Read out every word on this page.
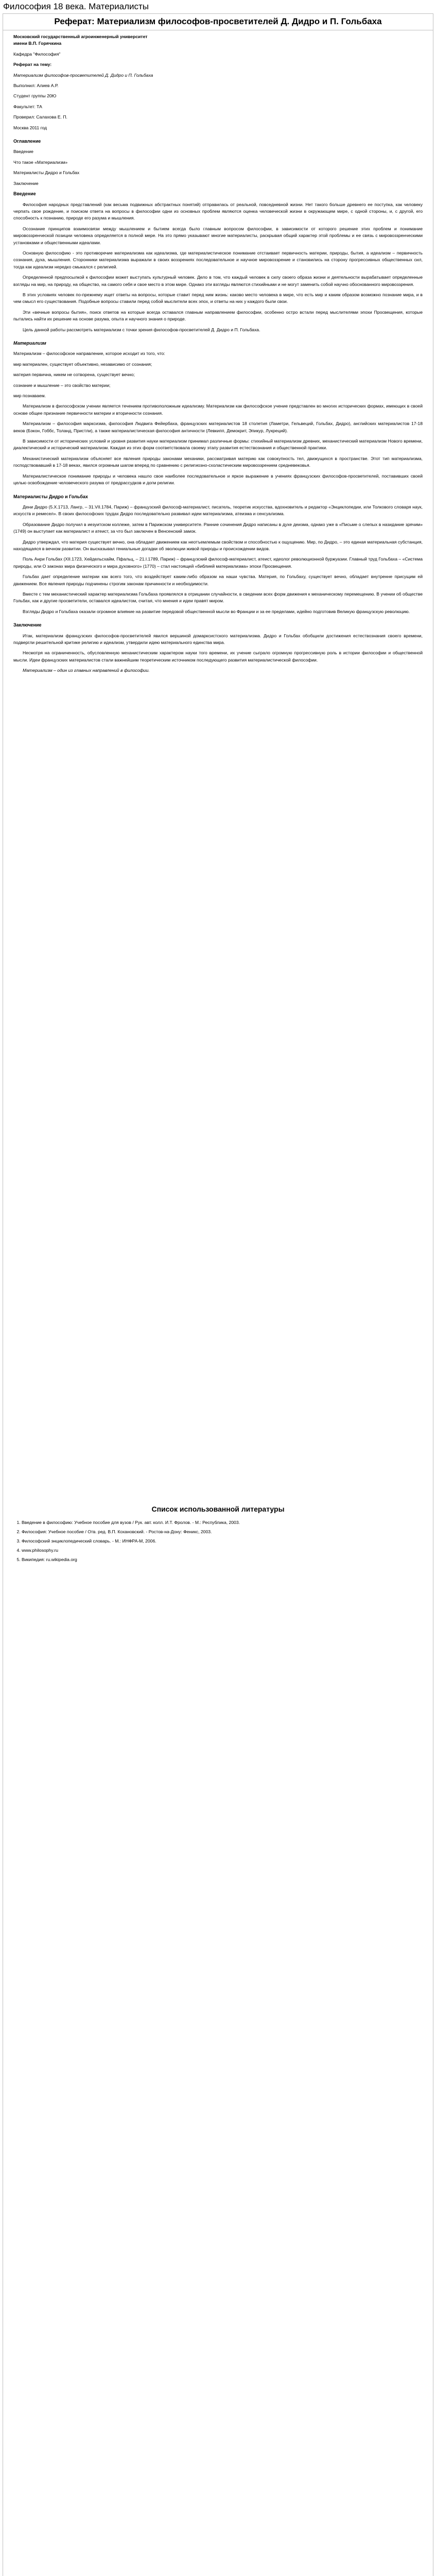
Философия 18 века. Материалисты
Реферат: Материализм философов-просветителей Д. Дидро и П. Гольбаха

Московский государственный агроинженерный университет

имени В.П. Горячкина

Кафедра "Философия"

Реферат на тему:

Материализм философов-просветителей Д. Дидро и П. Гольбаха

Выполнил: Алиев А.Р.

Студент группы 20Ю

Факультет: ТА

Проверил: Салахова Е. П.

Москва 2011 год

Оглавление

Введение

Что такое «Материализм»

Материалисты Дидро и Гольбах

Заключение

Введение

Философия народных представлений (как весьма подвижных абстрактных понятий) отправилась от реальной, повседневной жизни. Нет такого больше древнего ее поступка, как человеку черпать свое рождение, и поиском ответа на вопросы в философии одни из основных проблем являются оценка человеческой жизни в окружающем мире, с одной стороны, и, с другой, его способность к познанию, природе его разума и мышления.

Осознание принципов взаимосвязи между мышлением и бытием всегда было главным вопросом философии, в зависимости от которого решение этих проблем и понимание мировоззренческой позиции человека определяется в полной мере. На это прямо указывают многие материалисты, раскрывая общий характер этой проблемы и ее связь с мировоззренческими установками и общественными идеалами.

Основную философию - это противоречие материализма как идеализма, где материалистическое понимание отстаивает первичность материи, природы, бытия, а идеализм – первичность сознания, духа, мышления. Сторонники материализма выражали в своих воззрениях последовательное и научное мировоззрение и становились на сторону прогрессивных общественных сил, тогда как идеализм нередко смыкался с религией.

Определенной предпосылкой к философии может выступать культурный человек. Дело в том, что каждый человек в силу своего образа жизни и деятельности вырабатывает определенные взгляды на мир, на природу, на общество, на самого себя и свое место в этом мире. Однако эти взгляды являются стихийными и не могут заменить собой научно обоснованного мировоззрения.

В этих условиях человек по-прежнему ищет ответы на вопросы, которые ставит перед ним жизнь: каково место человека в мире, что есть мир и каким образом возможно познание мира, и в чем смысл его существования. Подобные вопросы ставили перед собой мыслители всех эпох, и ответы на них у каждого были свои.

Эти «вечные вопросы бытия», поиск ответов на которые всегда оставался главным направлением философии, особенно остро встали перед мыслителями эпохи Просвещения, которые пытались найти их решение на основе разума, опыта и научного знания о природе.

Цель данной работы рассмотреть материализм с точки зрения философов-просветителей Д. Дидро и П. Гольбаха.

Материализм

Материализм – философское направление, которое исходит из того, что:

мир материален, существует объективно, независимо от сознания;

материя первична, никем не сотворена, существует вечно;

сознание и мышление – это свойство материи;

мир познаваем.

Материализм в философском учении является течением противоположным идеализму. Материализм как философское учение представлен во многих исторических формах, имеющих в своей основе общее признание первичности материи и вторичности сознания.

Материализм – философия марксизма, философия Людвига Фейербаха, французских материалистов 18 столетия (Ламетри, Гельвеций, Гольбах, Дидро), английских материалистов 17-18 веков (Бэкон, Гоббс, Толанд, Пристли), а также материалистическая философия античности (Левкипп, Демокрит, Эпикур, Лукреций).

В зависимости от исторических условий и уровня развития науки материализм принимал различные формы: стихийный материализм древних, механистический материализм Нового времени, диалектический и исторический материализм. Каждая из этих форм соответствовала своему этапу развития естествознания и общественной практики.

Механистический материализм объясняет все явления природы законами механики, рассматривая материю как совокупность тел, движущихся в пространстве. Этот тип материализма, господствовавший в 17-18 веках, явился огромным шагом вперед по сравнению с религиозно-схоластическим мировоззрением средневековья.

Материалистическое понимание природы и человека нашло свое наиболее последовательное и яркое выражение в учениях французских философов-просветителей, поставивших своей целью освобождение человеческого разума от предрассудков и догм религии.

Материалисты Дидро и Гольбах

Дени Дидро (5.X.1713, Лангр, – 31.VII.1784, Париж) – французский философ-материалист, писатель, теоретик искусства, вдохновитель и редактор «Энциклопедии, или Толкового словаря наук, искусств и ремесел». В своих философских трудах Дидро последовательно развивал идеи материализма, атеизма и сенсуализма.

Образование Дидро получил в иезуитском коллеже, затем в Парижском университете. Ранние сочинения Дидро написаны в духе деизма, однако уже в «Письме о слепых в назидание зрячим» (1749) он выступает как материалист и атеист, за что был заключен в Венсенский замок.

Дидро утверждал, что материя существует вечно, она обладает движением как неотъемлемым свойством и способностью к ощущению. Мир, по Дидро, – это единая материальная субстанция, находящаяся в вечном развитии. Он высказывал гениальные догадки об эволюции живой природы и происхождении видов.

Поль Анри Гольбах (XII.1723, Хейдельсхайм, Пфальц, – 21.I.1789, Париж) – французский философ-материалист, атеист, идеолог революционной буржуазии. Главный труд Гольбаха – «Система природы, или О законах мира физического и мира духовного» (1770) – стал настоящей «библией материализма» эпохи Просвещения.

Гольбах дает определение материи как всего того, что воздействует каким-либо образом на наши чувства. Материя, по Гольбаху, существует вечно, обладает внутренне присущим ей движением. Все явления природы подчинены строгим законам причинности и необходимости.

Вместе с тем механистический характер материализма Гольбаха проявлялся в отрицании случайности, в сведении всех форм движения к механическому перемещению. В учении об обществе Гольбах, как и другие просветители, оставался идеалистом, считая, что мнения и идеи правят миром.

Взгляды Дидро и Гольбаха оказали огромное влияние на развитие передовой общественной мысли во Франции и за ее пределами, идейно подготовив Великую французскую революцию.

Заключение

Итак, материализм французских философов-просветителей явился вершиной домарксистского материализма. Дидро и Гольбах обобщили достижения естествознания своего времени, подвергли решительной критике религию и идеализм, утвердили идею материального единства мира.

Несмотря на ограниченность, обусловленную механистическим характером науки того времени, их учение сыграло огромную прогрессивную роль в истории философии и общественной мысли. Идеи французских материалистов стали важнейшим теоретическим источником последующего развития материалистической философии.

Материализм – один из главных направлений в философии.

Список использованной литературы
1. Введение в философию: Учебное пособие для вузов / Рук. авт. колл. И.Т. Фролов. - М.: Республика, 2003.
2. Философия: Учебное пособие / Отв. ред. В.П. Кохановский. - Ростов-на-Дону: Феникс, 2003.
3. Философский энциклопедический словарь. - М.: ИНФРА-М, 2006.
4. www.philosophy.ru
5. Википедия: ru.wikipedia.org
